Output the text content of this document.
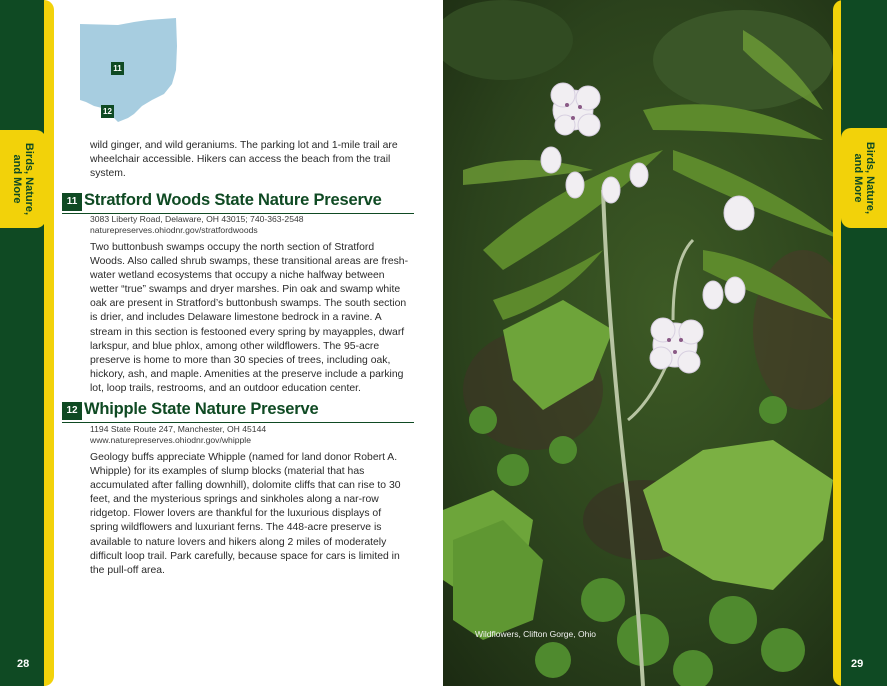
Birds, Nature,
and More
28
11
12
wild ginger, and wild geraniums. The parking lot and 1-mile trail are wheelchair accessible. Hikers can access the beach from the trail system.
11 Stratford Woods State Nature Preserve
3083 Liberty Road, Delaware, OH 43015; 740-363-2548
naturepreserves.ohiodnr.gov/stratfordwoods
Two buttonbush swamps occupy the north section of Stratford Woods. Also called shrub swamps, these transitional areas are fresh-water wetland ecosystems that occupy a niche halfway between wetter “true” swamps and dryer marshes. Pin oak and swamp white oak are present in Stratford’s buttonbush swamps. The south section is drier, and includes Delaware limestone bedrock in a ravine. A stream in this section is festooned every spring by mayapples, dwarf larkspur, and blue phlox, among other wildflowers. The 95-acre preserve is home to more than 30 species of trees, including oak, hickory, ash, and maple. Amenities at the preserve include a parking lot, loop trails, restrooms, and an outdoor education center.
12 Whipple State Nature Preserve
1194 State Route 247, Manchester, OH 45144
www.naturepreserves.ohiodnr.gov/whipple
Geology buffs appreciate Whipple (named for land donor Robert A. Whipple) for its examples of slump blocks (material that has accumulated after falling downhill), dolomite cliffs that can rise to 30 feet, and the mysterious springs and sinkholes along a nar-row ridgetop. Flower lovers are thankful for the luxurious displays of spring wildflowers and luxuriant ferns. The 448-acre preserve is available to nature lovers and hikers along 2 miles of moderately difficult loop trail. Park carefully, because space for cars is limited in the pull-off area.
Birds, Nature,
and More
29
Wildflowers, Clifton Gorge, Ohio
